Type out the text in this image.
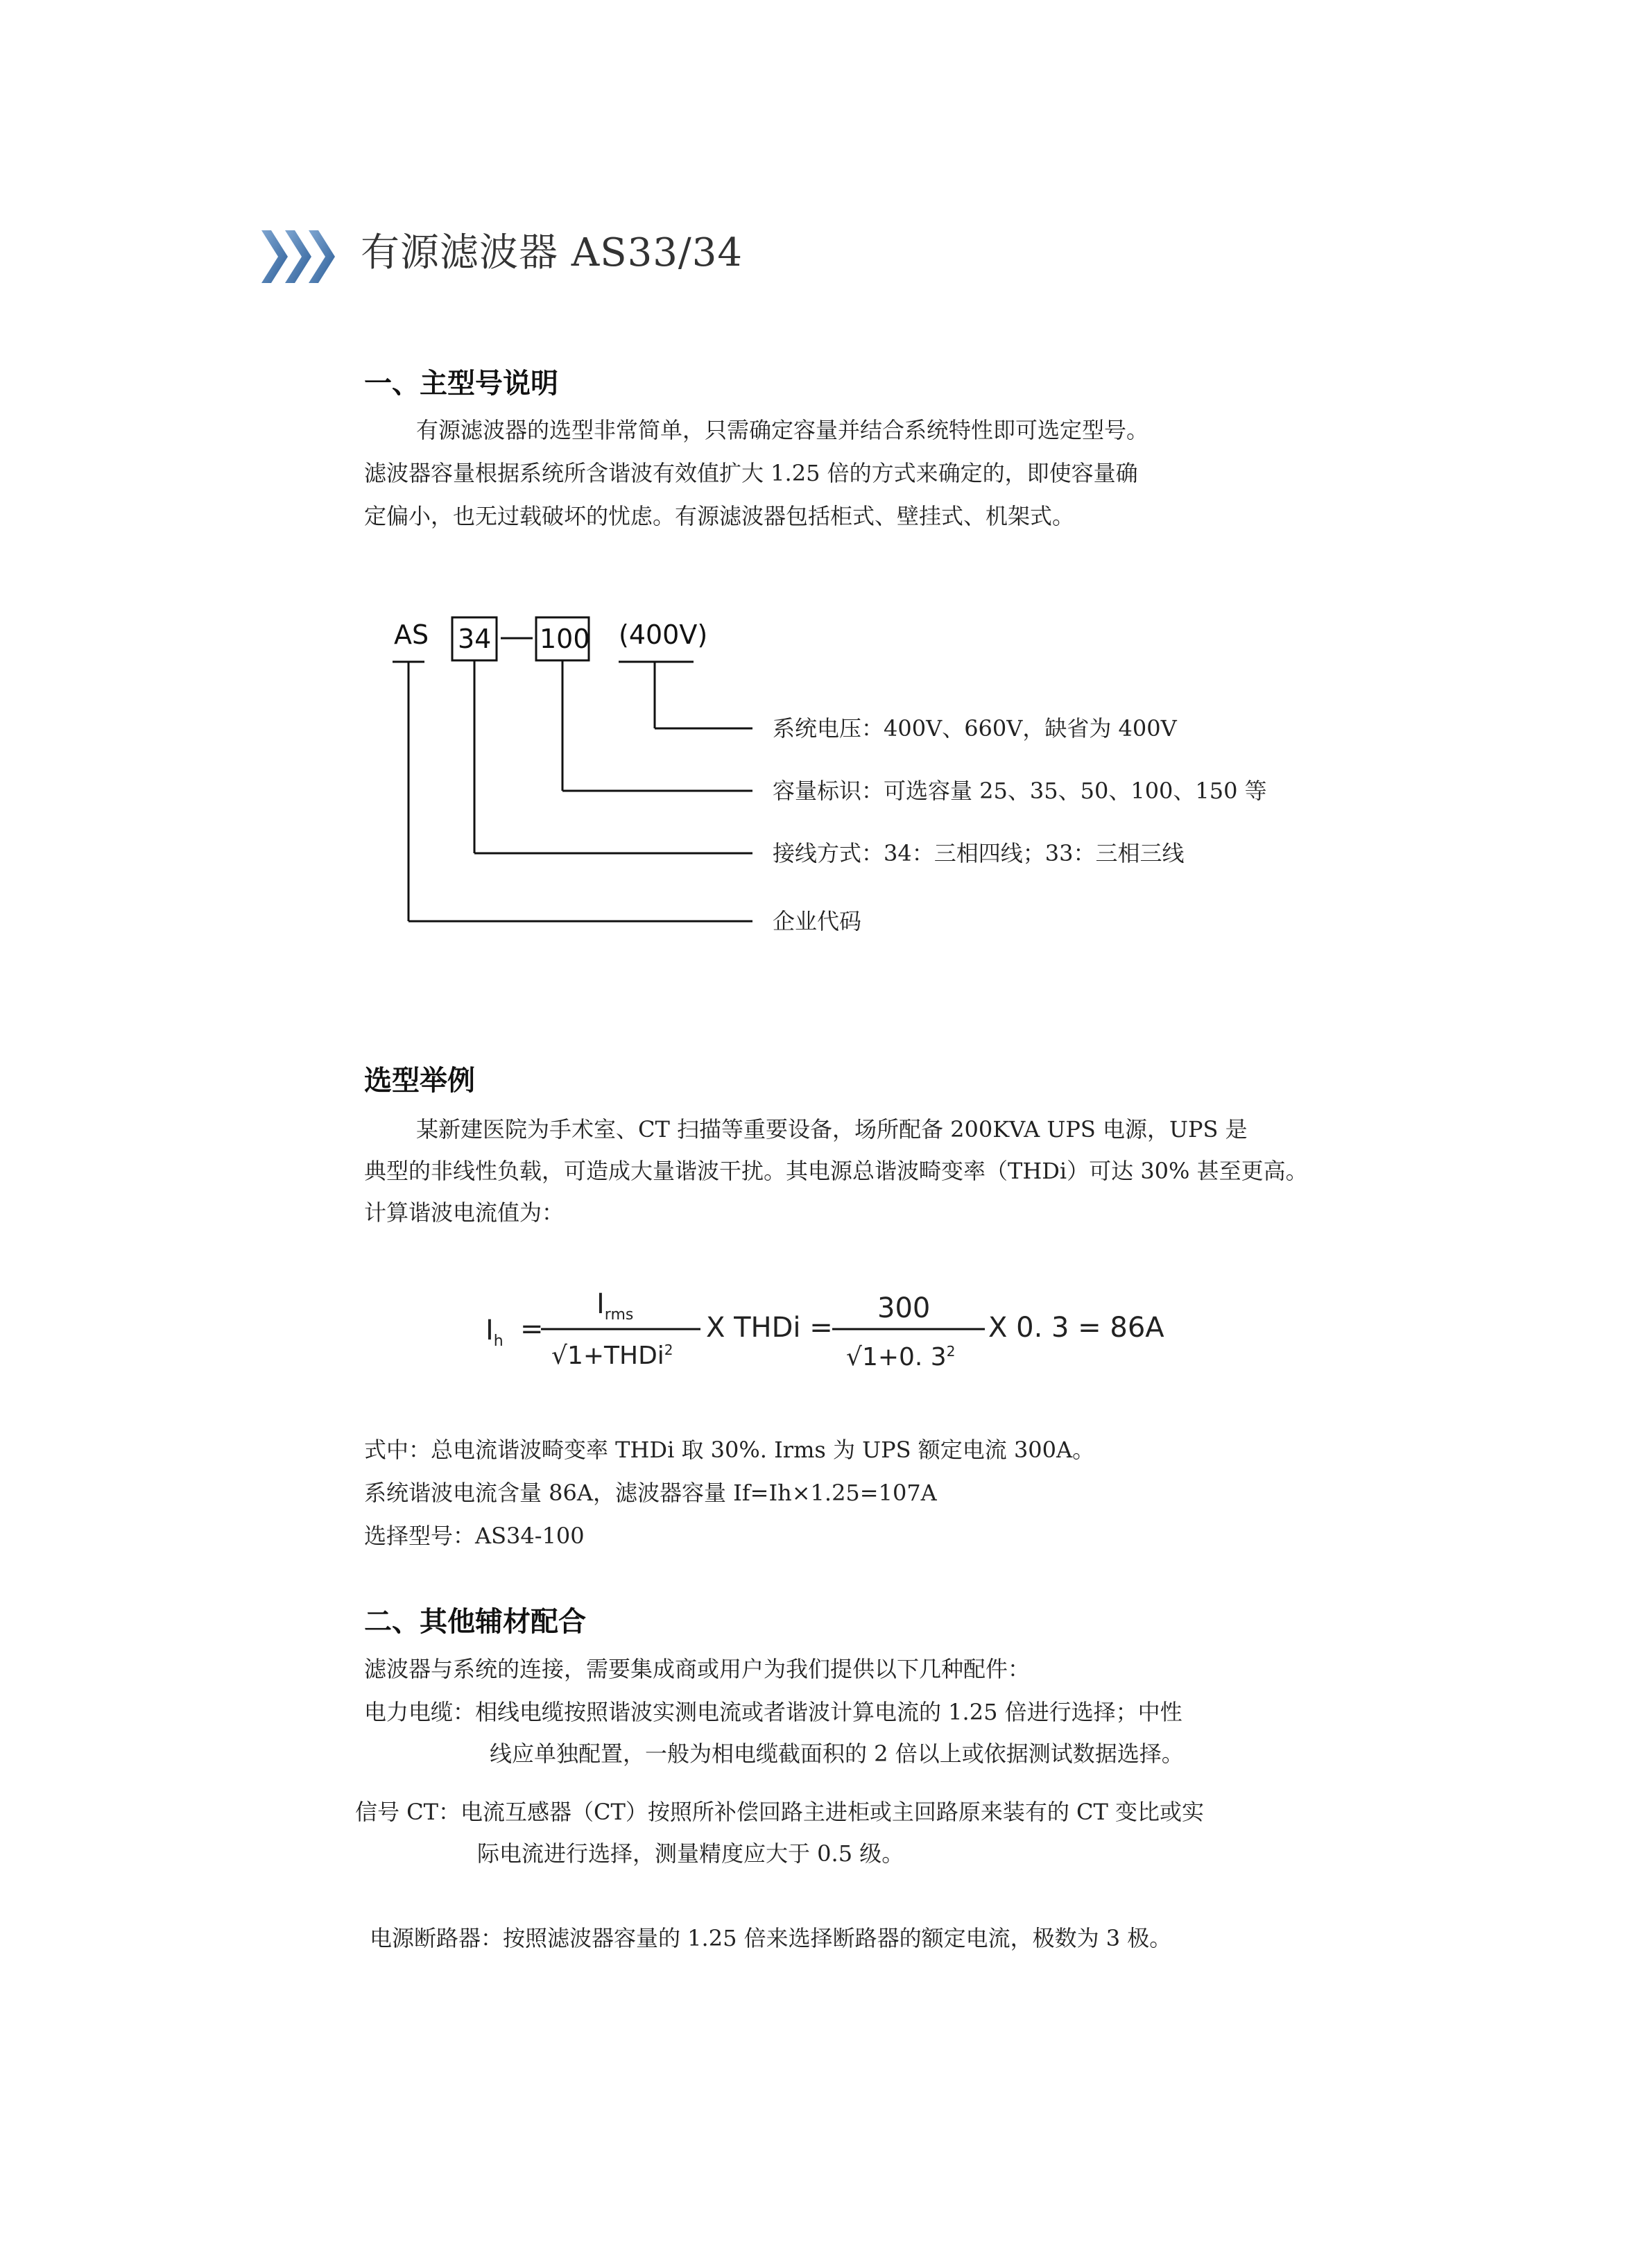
有源滤波器 AS33/34
一、主型号说明
有源滤波器的选型非常简单，只需确定容量并结合系统特性即可选定型号。
滤波器容量根据系统所含谐波有效值扩大 1.25 倍的方式来确定的，即使容量确
定偏小，也无过载破坏的忧虑。有源滤波器包括柜式、壁挂式、机架式。
AS 34 100 (400V)
系统电压：400V、660V，缺省为 400V
容量标识：可选容量 25、35、50、100、150 等
接线方式：34：三相四线；33：三相三线
企业代码
选型举例
某新建医院为手术室、CT 扫描等重要设备，场所配备 200KVA UPS 电源，UPS 是
典型的非线性负载，可造成大量谐波干扰。其电源总谐波畸变率（THDi）可达 30% 甚至更高。
计算谐波电流值为：
$I_h$ =
$I_{rms}$
√1+THDi$^2$
X THDi =
300
√1+0. $3^2$
X 0. 3 = 86A
式中：总电流谐波畸变率 THDi 取 30%. Irms 为 UPS 额定电流 300A。
系统谐波电流含量 86A，滤波器容量 If=Ih×1.25=107A
选择型号：AS34-100
二、其他辅材配合
滤波器与系统的连接，需要集成商或用户为我们提供以下几种配件：
电力电缆：相线电缆按照谐波实测电流或者谐波计算电流的 1.25 倍进行选择；中性
线应单独配置，一般为相电缆截面积的 2 倍以上或依据测试数据选择。
信号 CT：电流互感器（CT）按照所补偿回路主进柜或主回路原来装有的 CT 变比或实
际电流进行选择，测量精度应大于 0.5 级。
电源断路器：按照滤波器容量的 1.25 倍来选择断路器的额定电流，极数为 3 极。
